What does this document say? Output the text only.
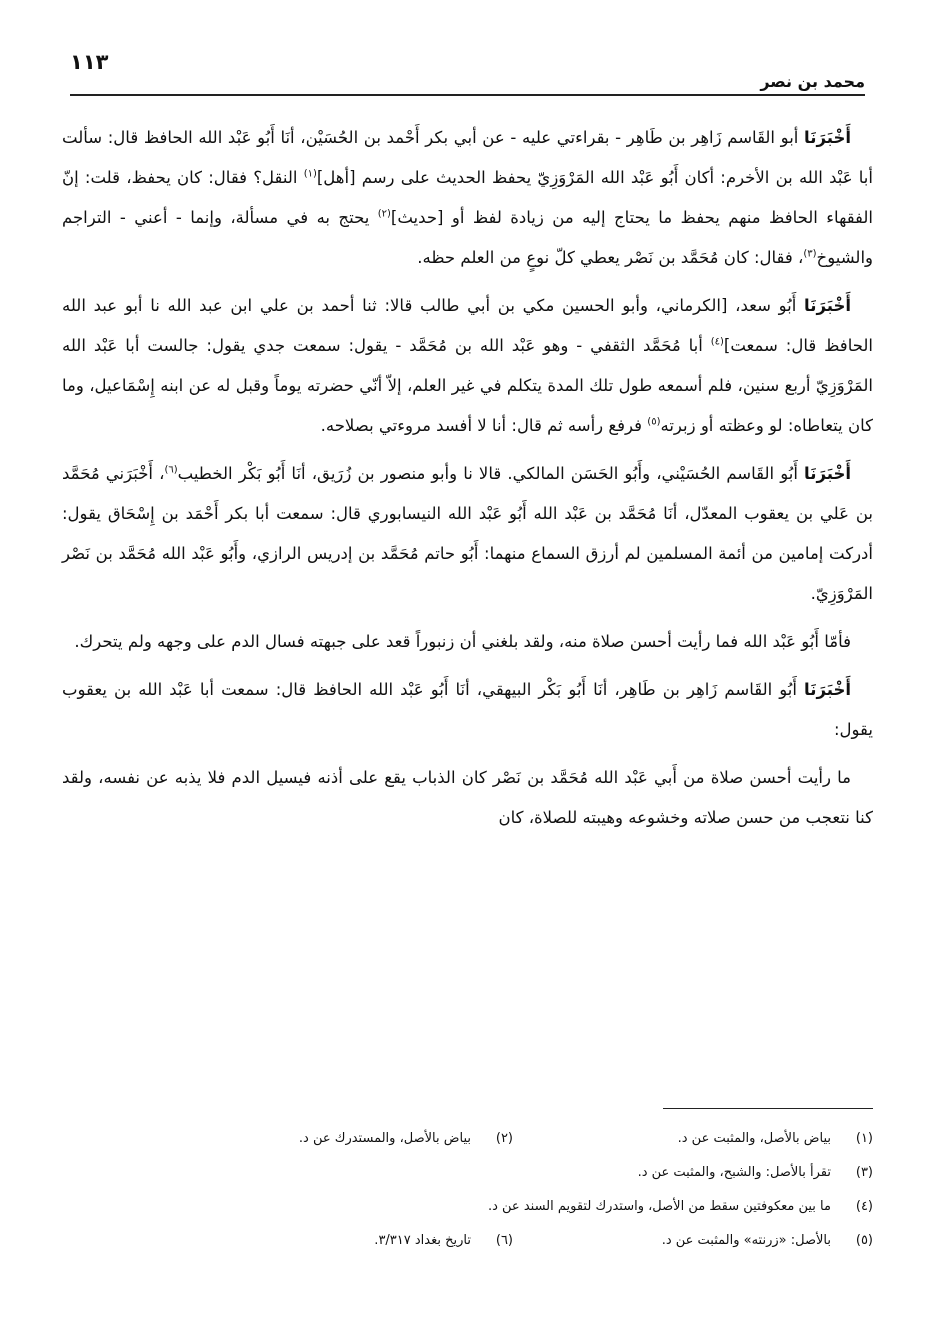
محمد بن نصر
١١٣

أَخْبَرَنَا أبو القَاسم زَاهِر بن طَاهِر - بقراءتي عليه - عن أبي بكر أَحْمد بن الحُسَيْن، أنَا أَبُو عَبْد الله الحافظ قال: سألت أبا عَبْد الله بن الأخرم: أكان أَبُو عَبْد الله المَرْوَزِيّ يحفظ الحديث على رسم [أهل]$^{(١)}$ النقل؟ فقال: كان يحفظ، قلت: إنّ الفقهاء الحافظ منهم يحفظ ما يحتاج إليه من زيادة لفظ أو [حديث]$^{(٢)}$ يحتج به في مسألة، وإنما - أعني - التراجم والشيوخ$^{(٣)}$، فقال: كان مُحَمَّد بن نَصْر يعطي كلّ نوعٍ من العلم حظه.

أَخْبَرَنَا أَبُو سعد، [الكرماني، وأبو الحسين مكي بن أبي طالب قالا: ثنا أحمد بن علي ابن عبد الله نا أبو عبد الله الحافظ قال: سمعت]$^{(٤)}$ أبا مُحَمَّد الثقفي - وهو عَبْد الله بن مُحَمَّد - يقول: سمعت جدي يقول: جالست أبا عَبْد الله المَرْوَزِيّ أربع سنين، فلم أسمعه طول تلك المدة يتكلم في غير العلم، إلاّ أنّي حضرته يوماً وقبل له عن ابنه إِسْمَاعيل، وما كان يتعاطاه: لو وعظته أو زبرته$^{(٥)}$ فرفع رأسه ثم قال: أنا لا أفسد مروءتي بصلاحه.

أَخْبَرَنَا أَبُو القَاسم الحُسَيْني، وأَبُو الحَسَن المالكي. قالا نا وأبو منصور بن زُرَيق، أنَا أَبُو بَكْر الخطيب$^{(٦)}$، أَخْبَرَني مُحَمَّد بن عَلي بن يعقوب المعدّل، أنَا مُحَمَّد بن عَبْد الله أَبُو عَبْد الله النيسابوري قال: سمعت أبا بكر أَحْمَد بن إِسْحَاق يقول: أدركت إمامين من أئمة المسلمين لم أرزق السماع منهما: أَبُو حاتم مُحَمَّد بن إدريس الرازي، وأَبُو عَبْد الله مُحَمَّد بن نَصْر المَرْوَزِيّ.

فأمّا أَبُو عَبْد الله فما رأيت أحسن صلاة منه، ولقد بلغني أن زنبوراً قعد على جبهته فسال الدم على وجهه ولم يتحرك.

أَخْبَرَنَا أَبُو القَاسم زَاهِر بن طَاهِر، أنَا أَبُو بَكْر البيهقي، أنَا أَبُو عَبْد الله الحافظ قال: سمعت أبا عَبْد الله بن يعقوب يقول:

ما رأيت أحسن صلاة من أَبي عَبْد الله مُحَمَّد بن نَصْر كان الذباب يقع على أذنه فيسيل الدم فلا يذبه عن نفسه، ولقد كنا نتعجب من حسن صلاته وخشوعه وهيبته للصلاة، كان

(١)
بياض بالأصل، والمثبت عن د.
(٢)
بياض بالأصل، والمستدرك عن د.
(٣)
تقرأ بالأصل: والشبح، والمثبت عن د.
(٤)
ما بين معكوفتين سقط من الأصل، واستدرك لتقويم السند عن د.
(٥)
بالأصل: «زرنته» والمثبت عن د.
(٦)
تاريخ بغداد ٣/٣١٧.
